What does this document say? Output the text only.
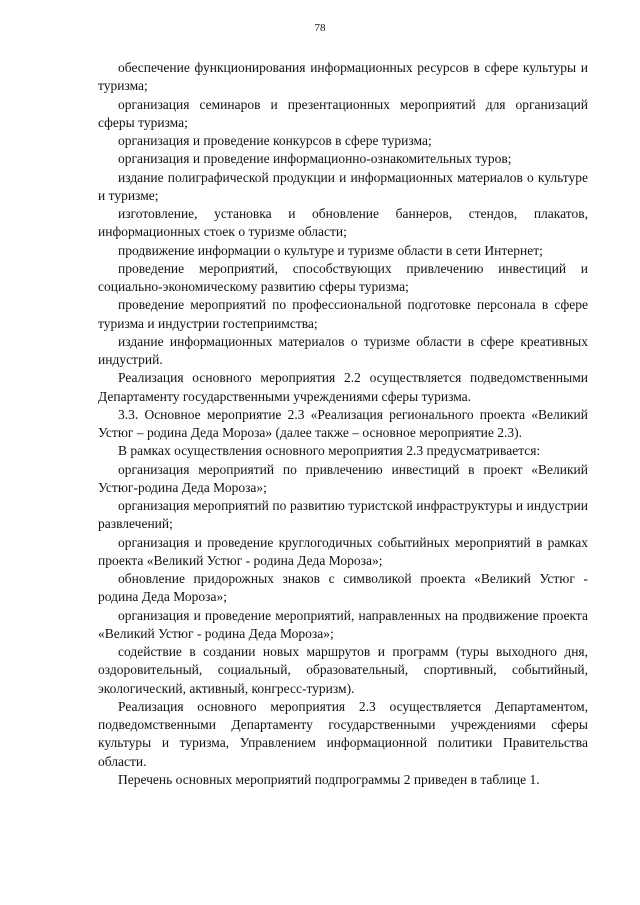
78

обеспечение функционирования информационных ресурсов в сфере культуры и туризма;

организация семинаров и презентационных мероприятий для организаций сферы туризма;

организация и проведение конкурсов в сфере туризма;

организация и проведение информационно-ознакомительных туров;

издание полиграфической продукции и информационных материалов о культуре и туризме;

изготовление, установка и обновление баннеров, стендов, плакатов, информационных стоек о туризме области;

продвижение информации о культуре и туризме области в сети Интернет;

проведение мероприятий, способствующих привлечению инвестиций и социально-экономическому развитию сферы туризма;

проведение мероприятий по профессиональной подготовке персонала в сфере туризма и индустрии гостеприимства;

издание информационных материалов о туризме области в сфере креативных индустрий.

Реализация основного мероприятия 2.2 осуществляется подведомственными Департаменту государственными учреждениями сферы туризма.

3.3. Основное мероприятие 2.3 «Реализация регионального проекта «Великий Устюг – родина Деда Мороза» (далее также – основное мероприятие 2.3).

В рамках осуществления основного мероприятия 2.3 предусматривается:

организация мероприятий по привлечению инвестиций в проект «Великий Устюг-родина Деда Мороза»;

организация мероприятий по развитию туристской инфраструктуры и индустрии развлечений;

организация и проведение круглогодичных событийных мероприятий в рамках проекта «Великий Устюг - родина Деда Мороза»;

обновление придорожных знаков с символикой проекта «Великий Устюг - родина Деда Мороза»;

организация и проведение мероприятий, направленных на продвижение проекта «Великий Устюг - родина Деда Мороза»;

содействие в создании новых маршрутов и программ (туры выходного дня, оздоровительный, социальный, образовательный, спортивный, событийный, экологический, активный, конгресс-туризм).

Реализация основного мероприятия 2.3 осуществляется Департаментом, подведомственными Департаменту государственными учреждениями сферы культуры и туризма, Управлением информационной политики Правительства области.

Перечень основных мероприятий подпрограммы 2 приведен в таблице 1.
